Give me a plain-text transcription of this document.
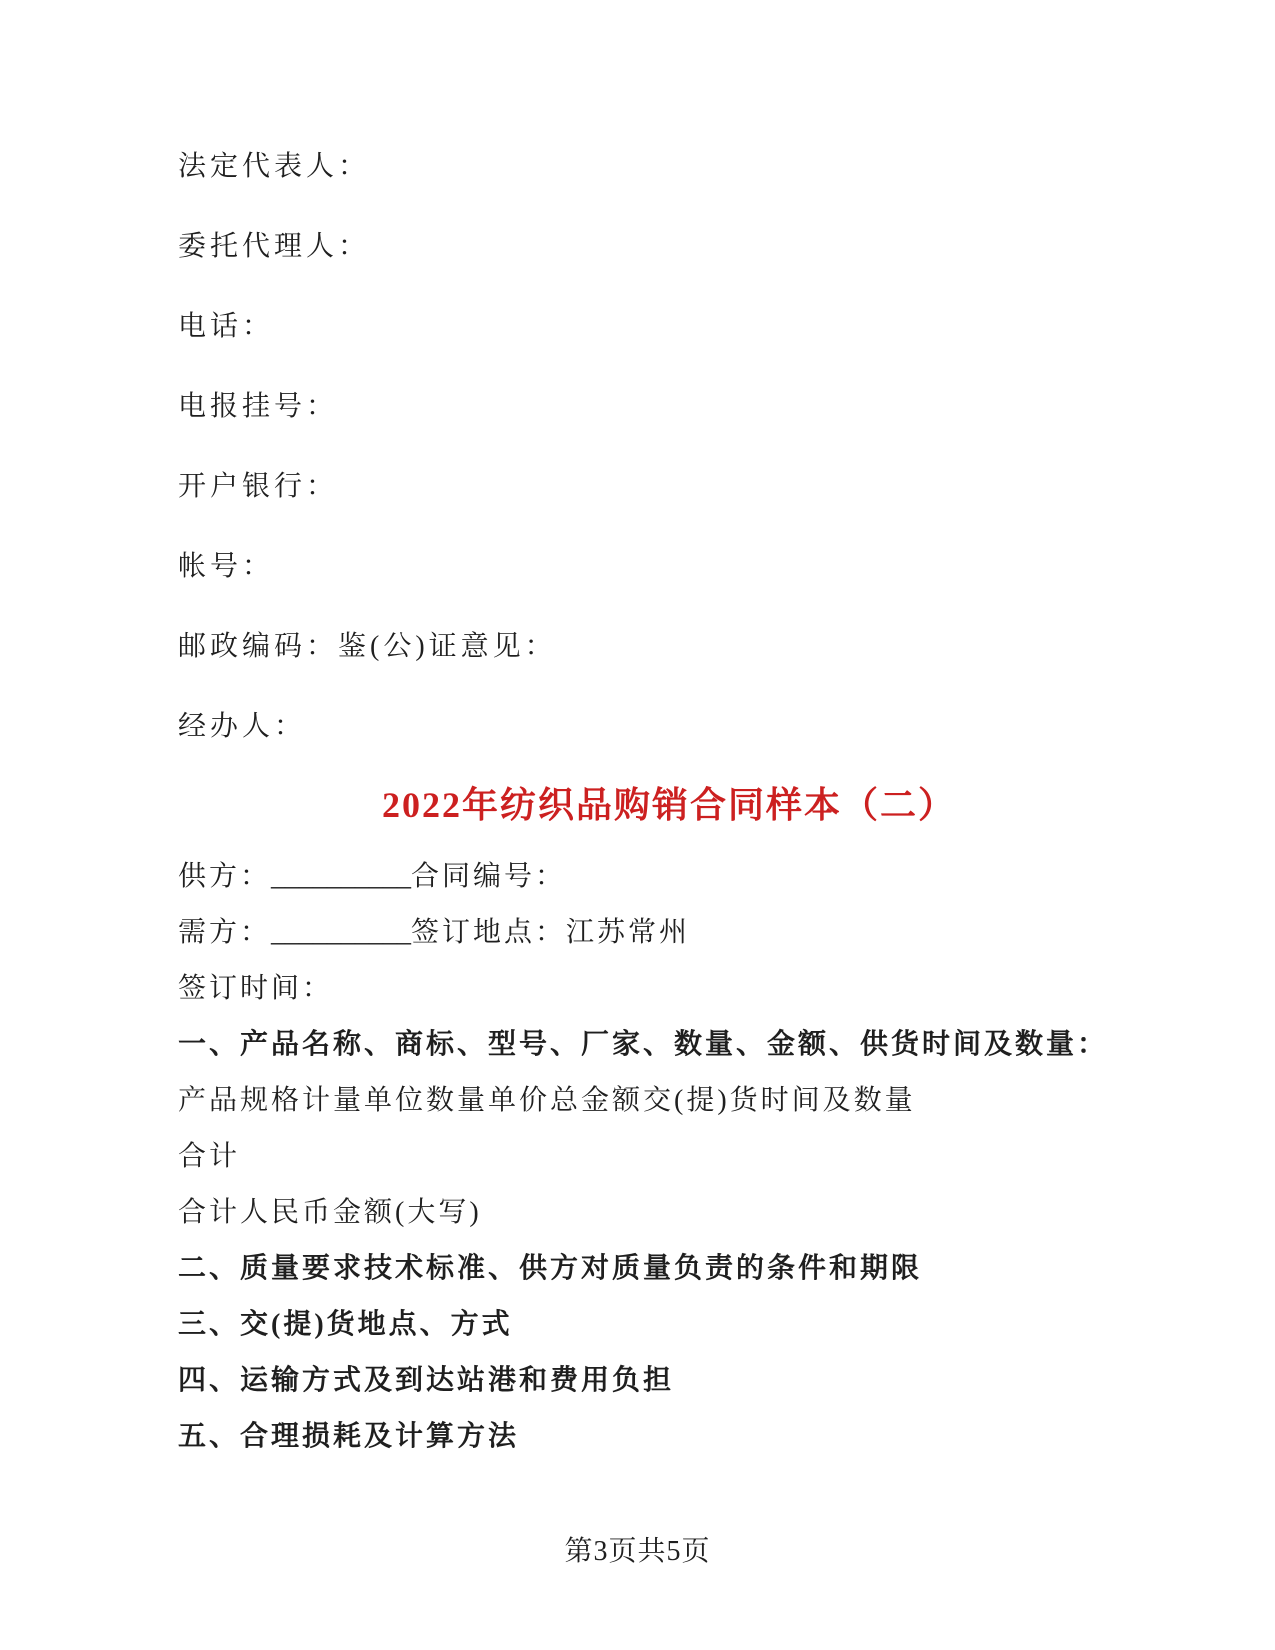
法定代表人：

委托代理人：

电话：

电报挂号：

开户银行：

帐号：

邮政编码：鉴(公)证意见：

经办人：

2022年纺织品购销合同样本（二）

供方：__________合同编号：

需方：__________签订地点：江苏常州

签订时间：

一、产品名称、商标、型号、厂家、数量、金额、供货时间及数量：

产品规格计量单位数量单价总金额交(提)货时间及数量

合计

合计人民币金额(大写)

二、质量要求技术标准、供方对质量负责的条件和期限

三、交(提)货地点、方式

四、运输方式及到达站港和费用负担

五、合理损耗及计算方法

第3页共5页
